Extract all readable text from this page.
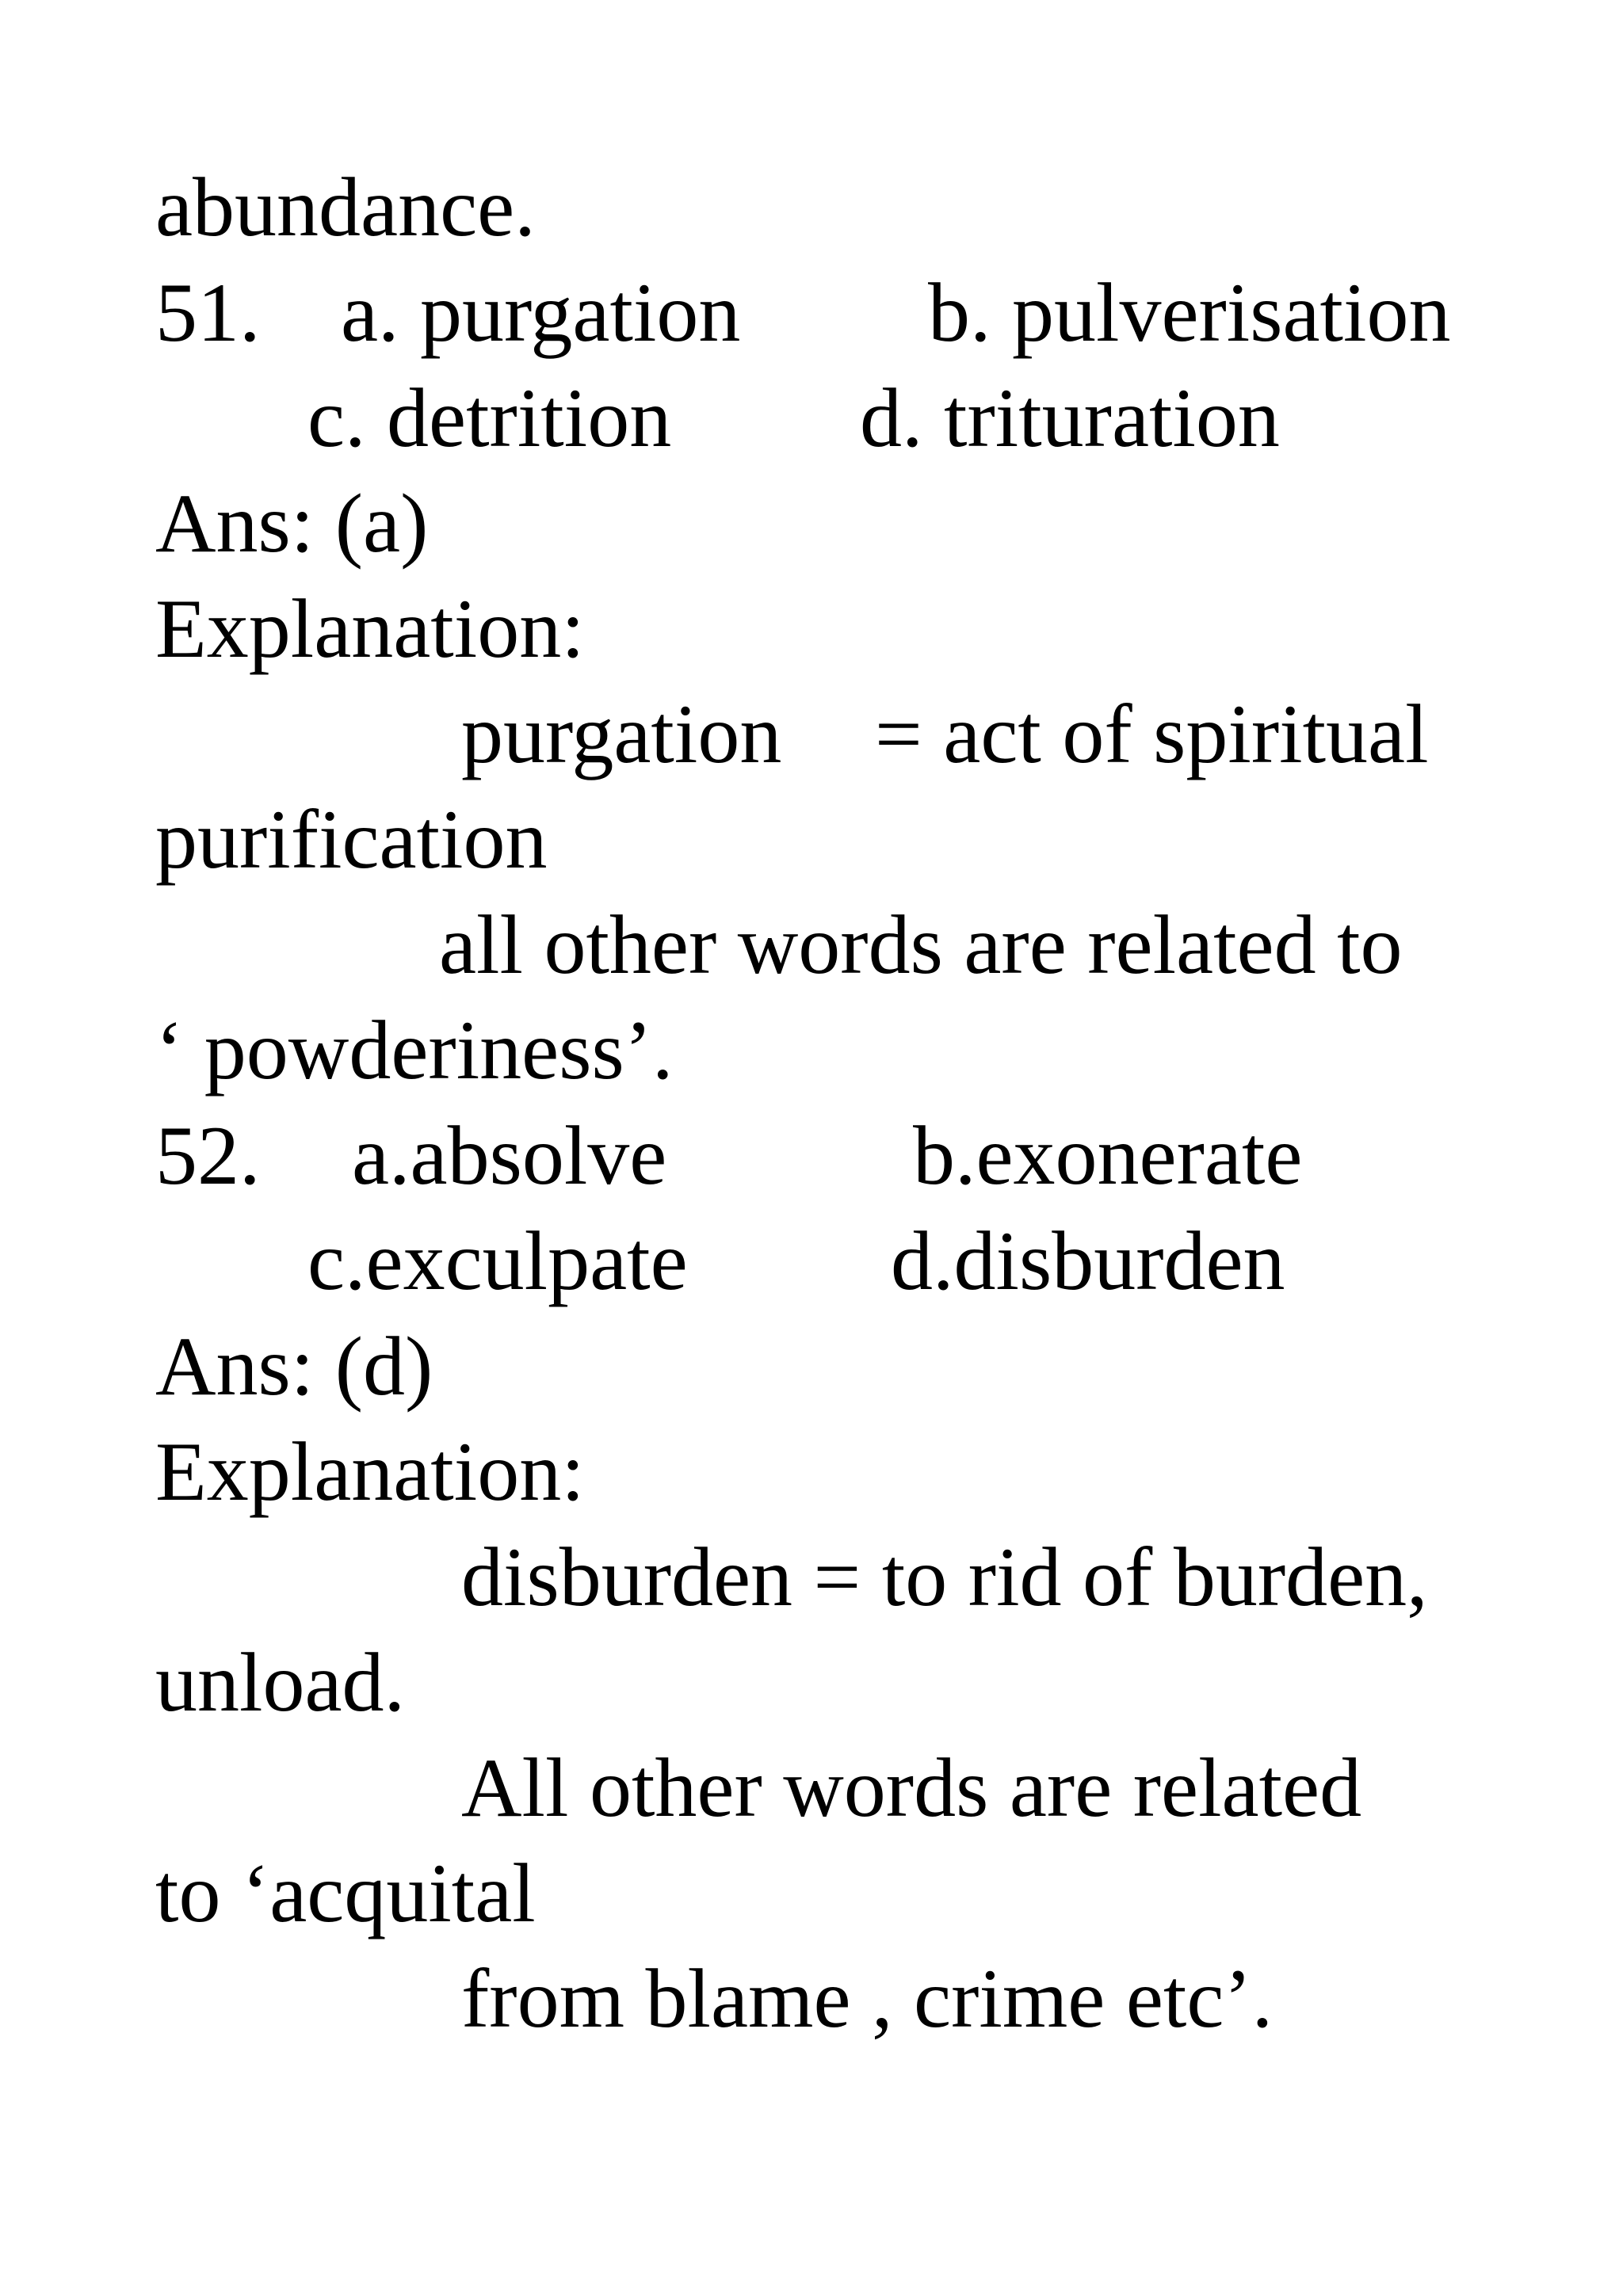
abundance.
51. a. purgation b. pulverisation
c. detrition d. trituration
Ans: (a)
Explanation:
purgation = act of spiritual
purification
all other words are related to
‘ powderiness’.
52. a.absolve	b.exonerate
c.exculpate d.disburden
Ans: (d)
Explanation:
disburden = to rid of burden,
unload.
All other words are related
to ‘acquital
from blame , crime etc’.
